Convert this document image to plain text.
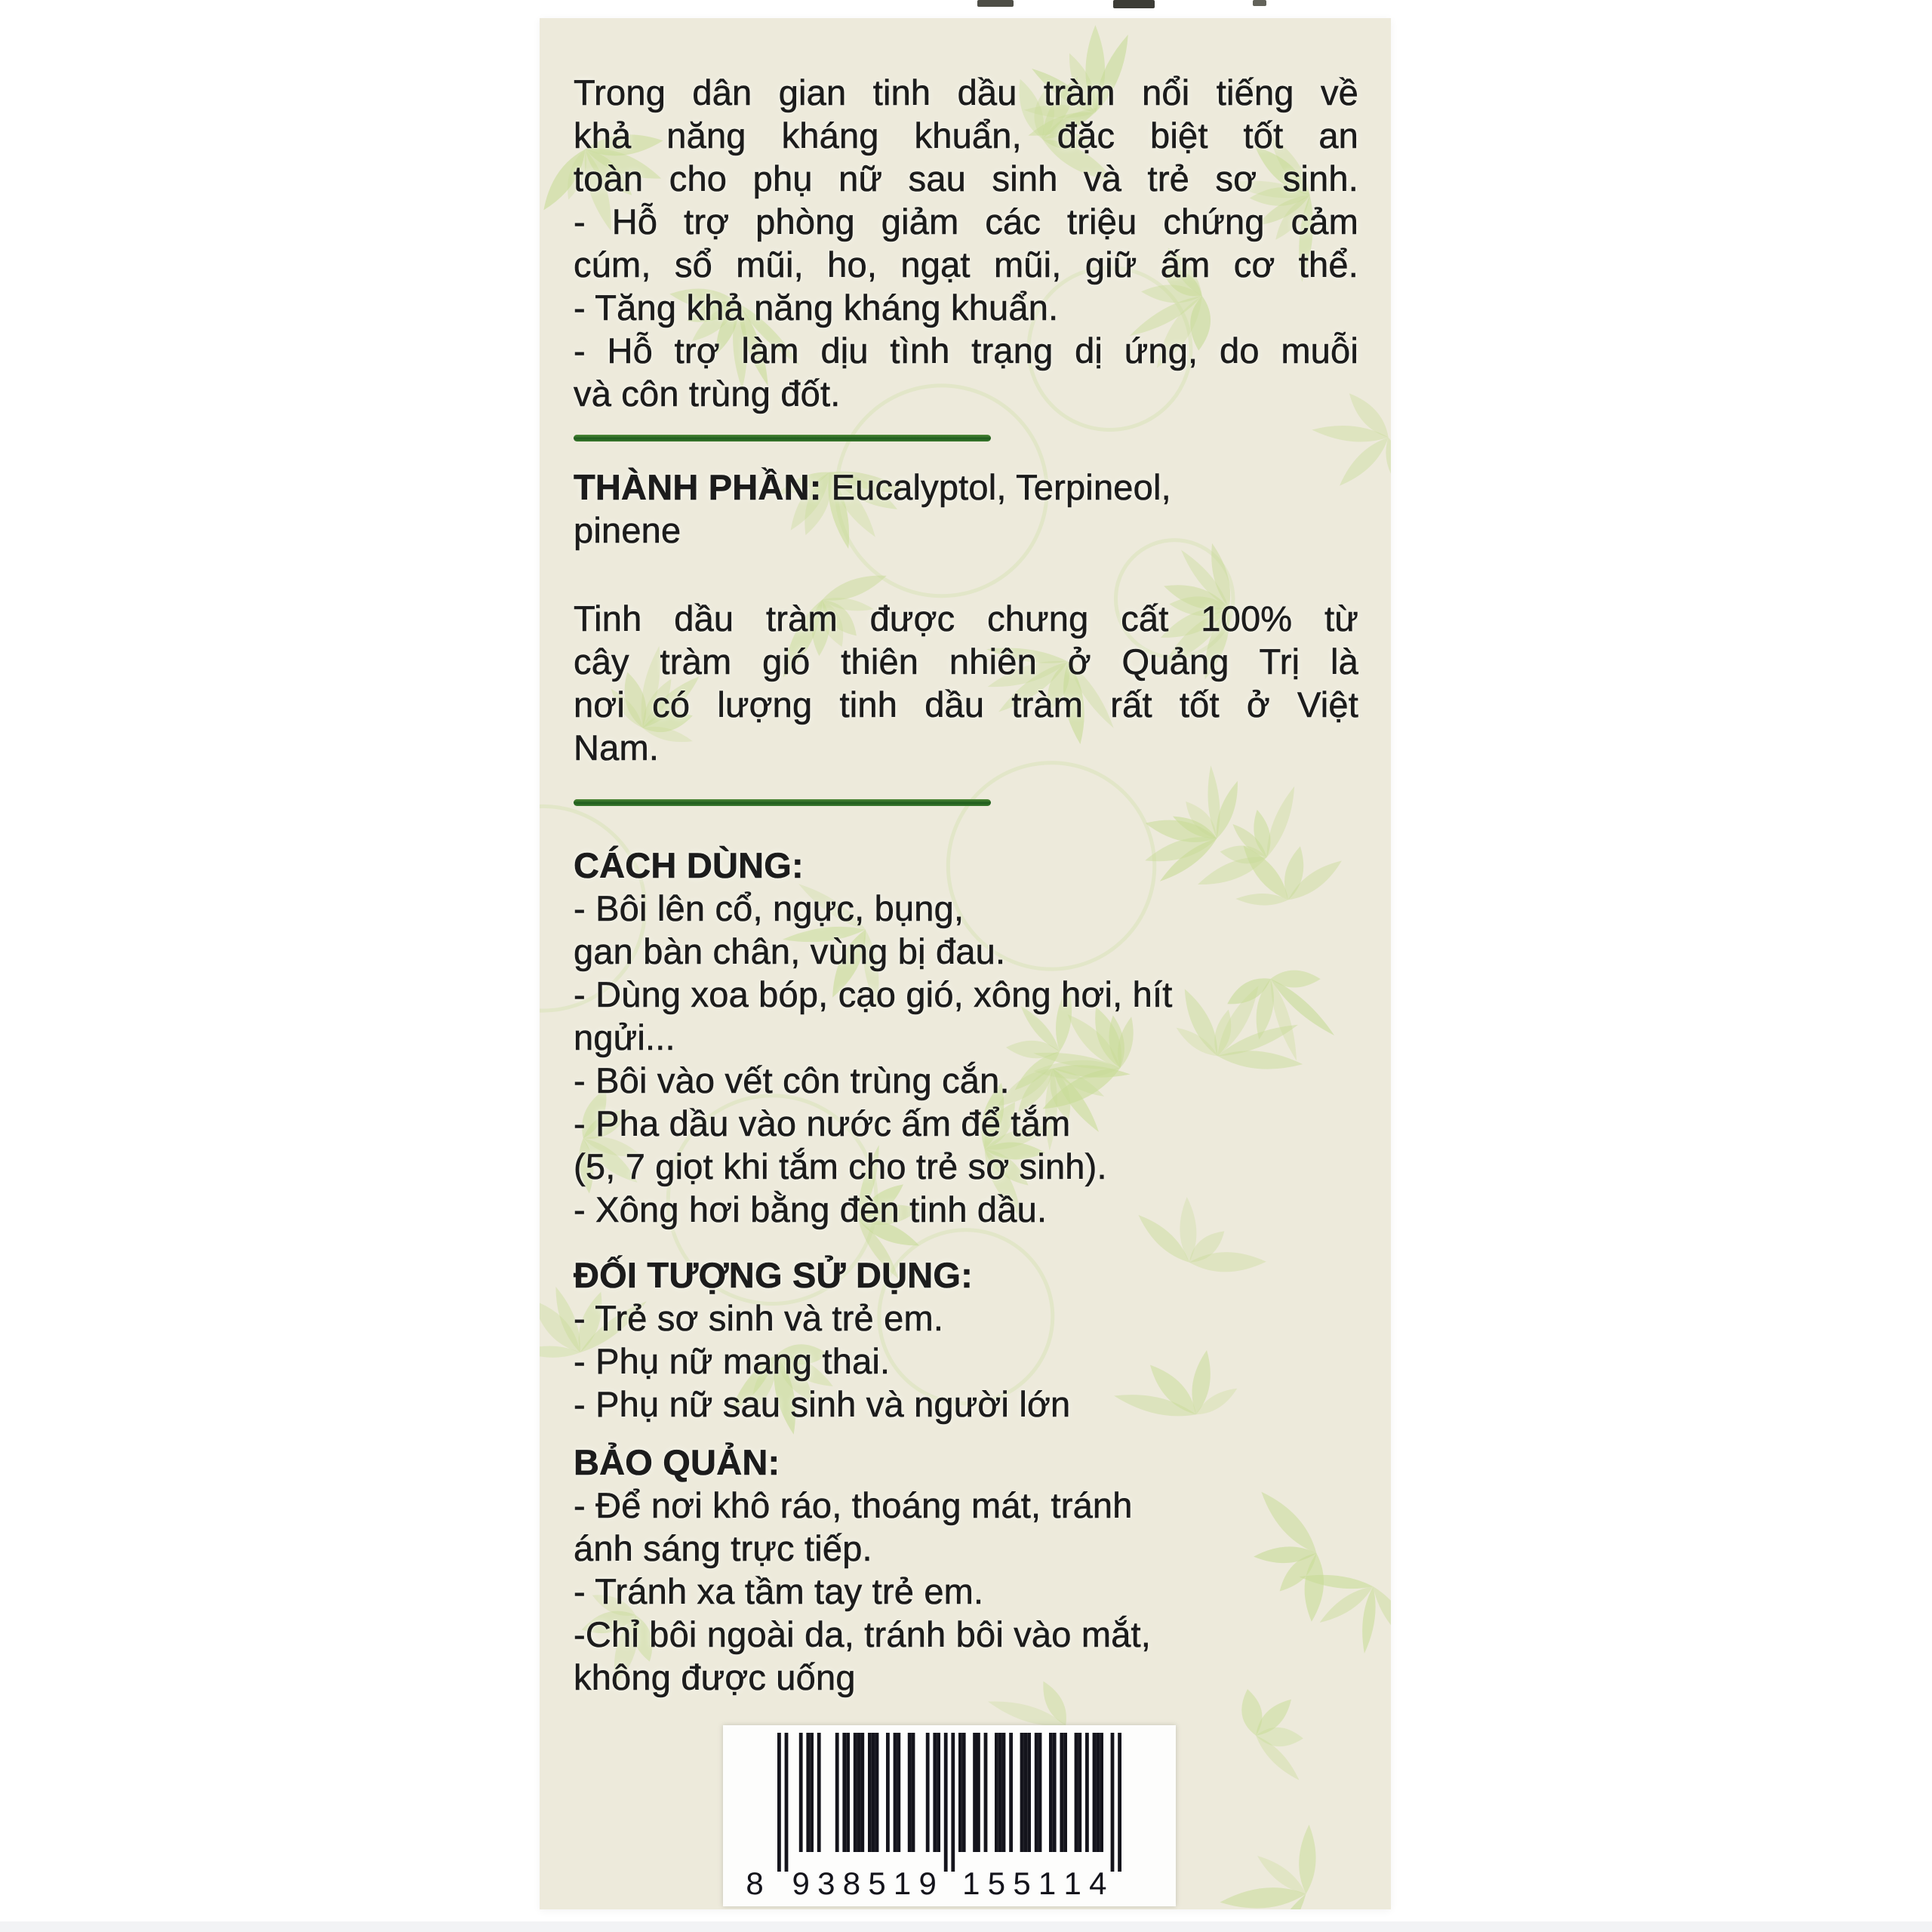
Trong dân gian tinh dầu tràm nổi tiếng về
khả năng kháng khuẩn, đặc biệt tốt an
toàn cho phụ nữ sau sinh và trẻ sơ sinh.
- Hỗ trợ phòng giảm các triệu chứng cảm
cúm, sổ mũi, ho, ngạt mũi, giữ ấm cơ thể.
- Tăng khả năng kháng khuẩn.
- Hỗ trợ làm dịu tình trạng dị ứng, do muỗi
và côn trùng đốt.
THÀNH PHẦN: Eucalyptol, Terpineol,
pinene
Tinh dầu tràm được chưng cất 100% từ
cây tràm gió thiên nhiên ở Quảng Trị là
nơi có lượng tinh dầu tràm rất tốt ở Việt
Nam.
CÁCH DÙNG:
- Bôi lên cổ, ngực, bụng,
gan bàn chân, vùng bị đau.
- Dùng xoa bóp, cạo gió, xông hơi, hít
ngửi...
- Bôi vào vết côn trùng cắn.
- Pha dầu vào nước ấm để tắm
(5, 7 giọt khi tắm cho trẻ sơ sinh).
- Xông hơi bằng đèn tinh dầu.
ĐỐI TƯỢNG SỬ DỤNG:
- Trẻ sơ sinh và trẻ em.
- Phụ nữ mang thai.
- Phụ nữ sau sinh và người lớn
BẢO QUẢN:
- Để nơi khô ráo, thoáng mát, tránh
ánh sáng trực tiếp.
- Tránh xa tầm tay trẻ em.
-Chỉ bôi ngoài da, tránh bôi vào mắt,
không được uống
8 9 3 8 5 1 9 1 5 5 1 1 4
